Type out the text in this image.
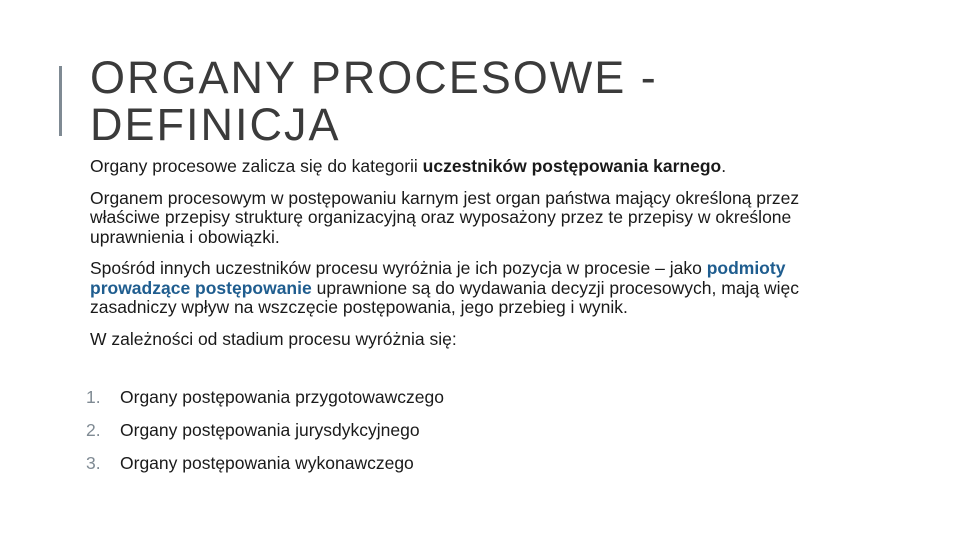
ORGANY PROCESOWE -
DEFINICJA

Organy procesowe zalicza się do kategorii uczestników postępowania karnego.

Organem procesowym w postępowaniu karnym jest organ państwa mający określoną przez właściwe przepisy strukturę organizacyjną oraz wyposażony przez te przepisy w określone uprawnienia i obowiązki.

Spośród innych uczestników procesu wyróżnia je ich pozycja w procesie – jako podmioty prowadzące postępowanie uprawnione są do wydawania decyzji procesowych, mają więc zasadniczy wpływ na wszczęcie postępowania, jego przebieg i wynik.

W zależności od stadium procesu wyróżnia się:

1.	Organy postępowania przygotowawczego
2.	Organy postępowania jurysdykcyjnego
3.	Organy postępowania wykonawczego
